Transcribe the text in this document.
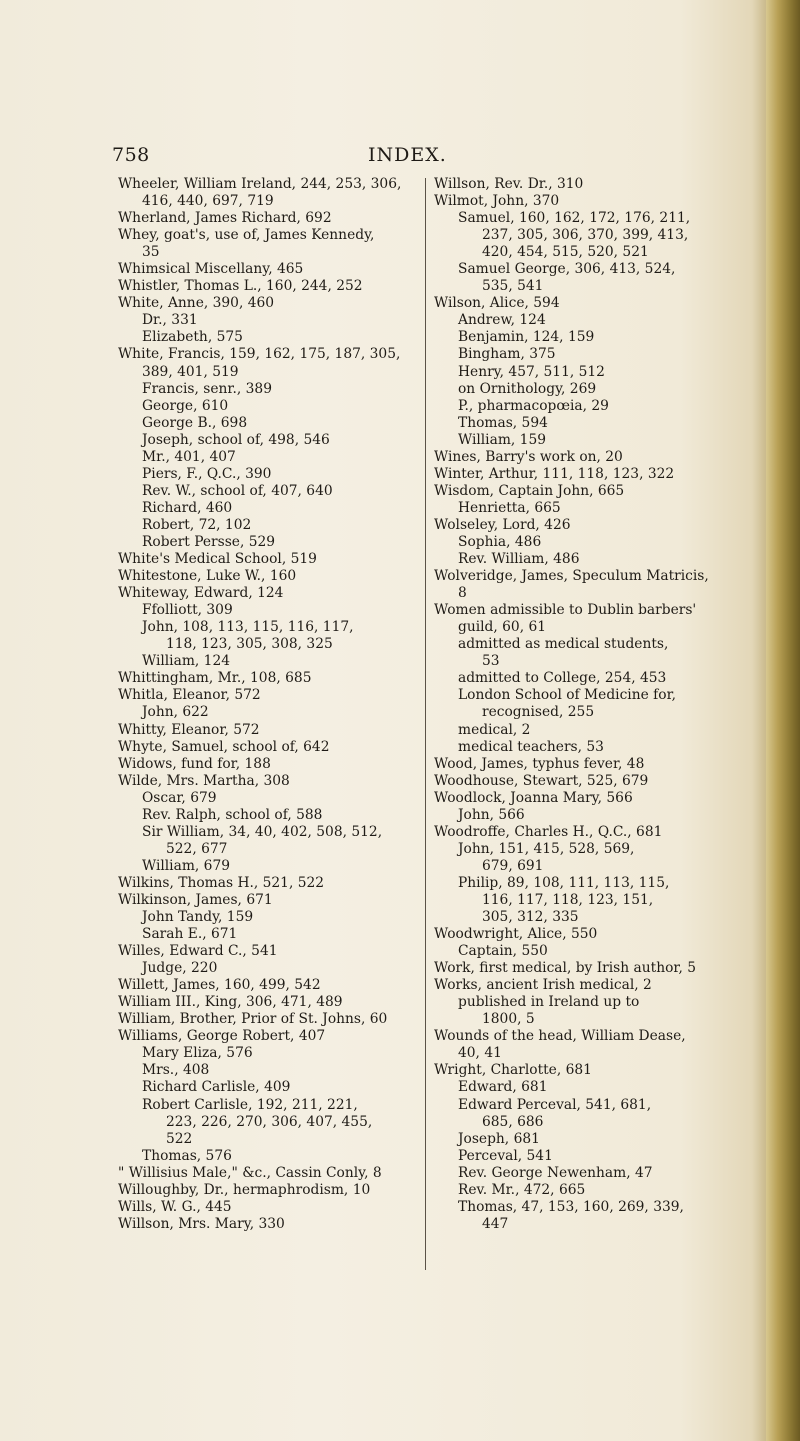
758	INDEX.
Wheeler, William Ireland, 244, 253, 306,
416, 440, 697, 719
Wherland, James Richard, 692
Whey, goat's, use of, James Kennedy,
35
Whimsical Miscellany, 465
Whistler, Thomas L., 160, 244, 252
White, Anne, 390, 460
Dr., 331
Elizabeth, 575
White, Francis, 159, 162, 175, 187, 305,
389, 401, 519
Francis, senr., 389
George, 610
George B., 698
Joseph, school of, 498, 546
Mr., 401, 407
Piers, F., Q.C., 390
Rev. W., school of, 407, 640
Richard, 460
Robert, 72, 102
Robert Persse, 529
White's Medical School, 519
Whitestone, Luke W., 160
Whiteway, Edward, 124
Ffolliott, 309
John, 108, 113, 115, 116, 117,
118, 123, 305, 308, 325
William, 124
Whittingham, Mr., 108, 685
Whitla, Eleanor, 572
John, 622
Whitty, Eleanor, 572
Whyte, Samuel, school of, 642
Widows, fund for, 188
Wilde, Mrs. Martha, 308
Oscar, 679
Rev. Ralph, school of, 588
Sir William, 34, 40, 402, 508, 512,
522, 677
William, 679
Wilkins, Thomas H., 521, 522
Wilkinson, James, 671
John Tandy, 159
Sarah E., 671
Willes, Edward C., 541
Judge, 220
Willett, James, 160, 499, 542
William III., King, 306, 471, 489
William, Brother, Prior of St. Johns, 60
Williams, George Robert, 407
Mary Eliza, 576
Mrs., 408
Richard Carlisle, 409
Robert Carlisle, 192, 211, 221,
223, 226, 270, 306, 407, 455,
522
Thomas, 576
" Willisius Male," &c., Cassin Conly, 8
Willoughby, Dr., hermaphrodism, 10
Wills, W. G., 445
Willson, Mrs. Mary, 330
Willson, Rev. Dr., 310
Wilmot, John, 370
Samuel, 160, 162, 172, 176, 211,
237, 305, 306, 370, 399, 413,
420, 454, 515, 520, 521
Samuel George, 306, 413, 524,
535, 541
Wilson, Alice, 594
Andrew, 124
Benjamin, 124, 159
Bingham, 375
Henry, 457, 511, 512
on Ornithology, 269
P., pharmacopœia, 29
Thomas, 594
William, 159
Wines, Barry's work on, 20
Winter, Arthur, 111, 118, 123, 322
Wisdom, Captain John, 665
Henrietta, 665
Wolseley, Lord, 426
Sophia, 486
Rev. William, 486
Wolveridge, James, Speculum Matricis,
8
Women admissible to Dublin barbers'
guild, 60, 61
admitted as medical students,
53
admitted to College, 254, 453
London School of Medicine for,
recognised, 255
medical, 2
medical teachers, 53
Wood, James, typhus fever, 48
Woodhouse, Stewart, 525, 679
Woodlock, Joanna Mary, 566
John, 566
Woodroffe, Charles H., Q.C., 681
John, 151, 415, 528, 569,
679, 691
Philip, 89, 108, 111, 113, 115,
116, 117, 118, 123, 151,
305, 312, 335
Woodwright, Alice, 550
Captain, 550
Work, first medical, by Irish author, 5
Works, ancient Irish medical, 2
published in Ireland up to
1800, 5
Wounds of the head, William Dease,
40, 41
Wright, Charlotte, 681
Edward, 681
Edward Perceval, 541, 681,
685, 686
Joseph, 681
Perceval, 541
Rev. George Newenham, 47
Rev. Mr., 472, 665
Thomas, 47, 153, 160, 269, 339,
447
